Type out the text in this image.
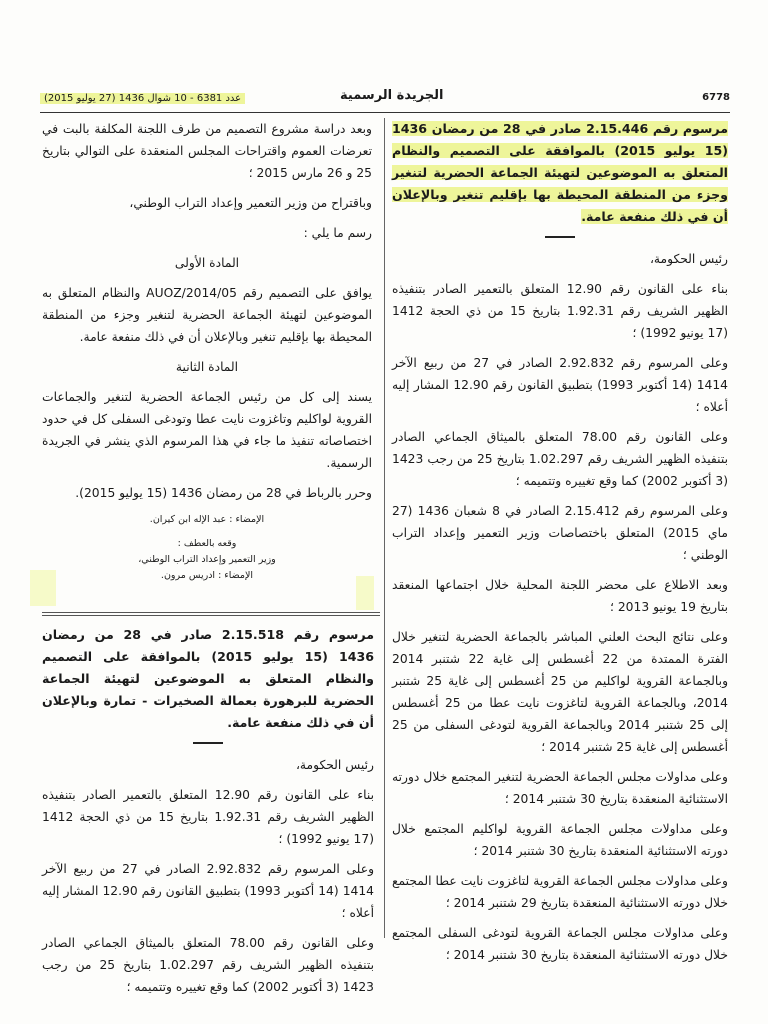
6778
الجريدة الرسمية
عدد 6381 - 10 شوال 1436 (27 يوليو 2015)

مرسوم رقم 2.15.446 صادر في 28 من رمضان 1436 (15 يوليو 2015) بالموافقة على التصميم والنظام المتعلق به الموضوعين لتهيئة الجماعة الحضرية لتنغير وجزء من المنطقة المحيطة بها بإقليم تنغير وبالإعلان أن في ذلك منفعة عامة.

رئيس الحكومة،

بناء على القانون رقم 12.90 المتعلق بالتعمير الصادر بتنفيذه الظهير الشريف رقم 1.92.31 بتاريخ 15 من ذي الحجة 1412 (17 يونيو 1992) ؛

وعلى المرسوم رقم 2.92.832 الصادر في 27 من ربيع الآخر 1414 (14 أكتوبر 1993) بتطبيق القانون رقم 12.90 المشار إليه أعلاه ؛

وعلى القانون رقم 78.00 المتعلق بالميثاق الجماعي الصادر بتنفيذه الظهير الشريف رقم 1.02.297 بتاريخ 25 من رجب 1423 (3 أكتوبر 2002) كما وقع تغييره وتتميمه ؛

وعلى المرسوم رقم 2.15.412 الصادر في 8 شعبان 1436 (27 ماي 2015) المتعلق باختصاصات وزير التعمير وإعداد التراب الوطني ؛

وبعد الاطلاع على محضر اللجنة المحلية خلال اجتماعها المنعقد بتاريخ 19 يونيو 2013 ؛

وعلى نتائج البحث العلني المباشر بالجماعة الحضرية لتنغير خلال الفترة الممتدة من 22 أغسطس إلى غاية 22 شتنبر 2014 وبالجماعة القروية لواكليم من 25 أغسطس إلى غاية 25 شتنبر 2014، وبالجماعة القروية لتاغزوت نايت عطا من 25 أغسطس إلى 25 شتنبر 2014 وبالجماعة القروية لتودغى السفلى من 25 أغسطس إلى غاية 25 شتنبر 2014 ؛

وعلى مداولات مجلس الجماعة الحضرية لتنغير المجتمع خلال دورته الاستثنائية المنعقدة بتاريخ 30 شتنبر 2014 ؛

وعلى مداولات مجلس الجماعة القروية لواكليم المجتمع خلال دورته الاستثنائية المنعقدة بتاريخ 30 شتنبر 2014 ؛

وعلى مداولات مجلس الجماعة القروية لتاغزوت نايت عطا المجتمع خلال دورته الاستثنائية المنعقدة بتاريخ 29 شتنبر 2014 ؛

وعلى مداولات مجلس الجماعة القروية لتودغى السفلى المجتمع خلال دورته الاستثنائية المنعقدة بتاريخ 30 شتنبر 2014 ؛

وبعد دراسة مشروع التصميم من طرف اللجنة المكلفة بالبت في تعرضات العموم واقتراحات المجلس المنعقدة على التوالي بتاريخ 25 و 26 مارس 2015 ؛

وباقتراح من وزير التعمير وإعداد التراب الوطني،

رسم ما يلي :

المادة الأولى

يوافق على التصميم رقم 05/AUOZ/2014 والنظام المتعلق به الموضوعين لتهيئة الجماعة الحضرية لتنغير وجزء من المنطقة المحيطة بها بإقليم تنغير وبالإعلان أن في ذلك منفعة عامة.

المادة الثانية

يسند إلى كل من رئيس الجماعة الحضرية لتنغير والجماعات القروية لواكليم وتاغزوت نايت عطا وتودغى السفلى كل في حدود اختصاصاته تنفيذ ما جاء في هذا المرسوم الذي ينشر في الجريدة الرسمية.

وحرر بالرباط في 28 من رمضان 1436 (15 يوليو 2015).

الإمضاء : عبد الإله ابن كيران.

وقعه بالعطف :

وزير التعمير وإعداد التراب الوطني،

الإمضاء : ادريس مرون.

مرسوم رقم 2.15.518 صادر في 28 من رمضان 1436 (15 يوليو 2015) بالموافقة على التصميم والنظام المتعلق به الموضوعين لتهيئة الجماعة الحضرية للبرهورة بعمالة الصخيرات - تمارة وبالإعلان أن في ذلك منفعة عامة.

رئيس الحكومة،

بناء على القانون رقم 12.90 المتعلق بالتعمير الصادر بتنفيذه الظهير الشريف رقم 1.92.31 بتاريخ 15 من ذي الحجة 1412 (17 يونيو 1992) ؛

وعلى المرسوم رقم 2.92.832 الصادر في 27 من ربيع الآخر 1414 (14 أكتوبر 1993) بتطبيق القانون رقم 12.90 المشار إليه أعلاه ؛

وعلى القانون رقم 78.00 المتعلق بالميثاق الجماعي الصادر بتنفيذه الظهير الشريف رقم 1.02.297 بتاريخ 25 من رجب 1423 (3 أكتوبر 2002) كما وقع تغييره وتتميمه ؛
